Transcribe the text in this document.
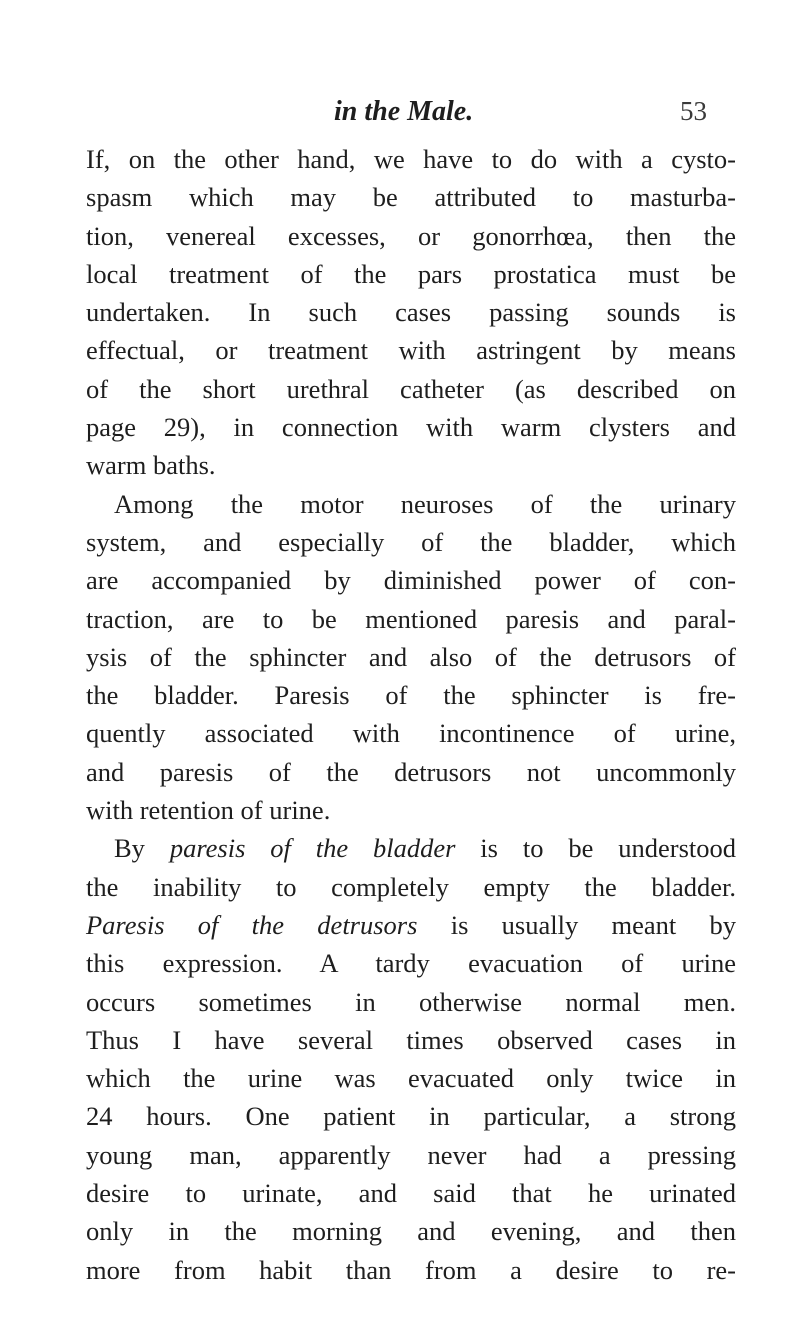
in the Male.	53
If, on the other hand, we have to do with a cysto-
spasm which may be attributed to masturba-
tion, venereal excesses, or gonorrhœa, then the
local treatment of the pars prostatica must be
undertaken. In such cases passing sounds is
effectual, or treatment with astringent by means
of the short urethral catheter (as described on
page 29), in connection with warm clysters and
warm baths.
Among the motor neuroses of the urinary
system, and especially of the bladder, which
are accompanied by diminished power of con-
traction, are to be mentioned paresis and paral-
ysis of the sphincter and also of the detrusors of
the bladder. Paresis of the sphincter is fre-
quently associated with incontinence of urine,
and paresis of the detrusors not uncommonly
with retention of urine.
By paresis of the bladder is to be understood
the inability to completely empty the bladder.
Paresis of the detrusors is usually meant by
this expression. A tardy evacuation of urine
occurs sometimes in otherwise normal men.
Thus I have several times observed cases in
which the urine was evacuated only twice in
24 hours. One patient in particular, a strong
young man, apparently never had a pressing
desire to urinate, and said that he urinated
only in the morning and evening, and then
more from habit than from a desire to re-
